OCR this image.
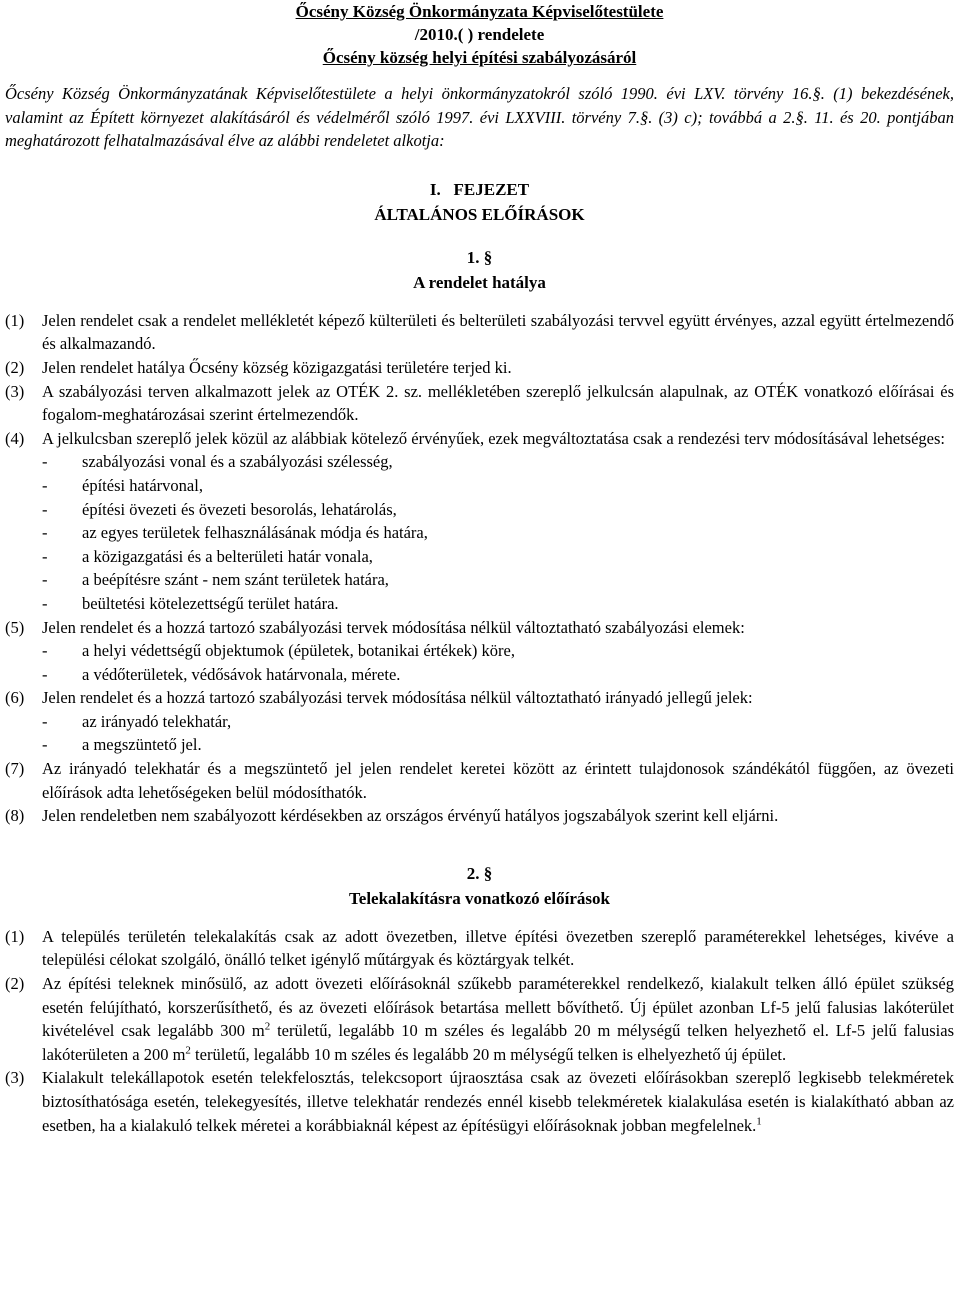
Őcsény Község Önkormányzata Képviselőtestülete
/2010.( ) rendelete
Őcsény község helyi építési szabályozásáról
Őcsény Község Önkormányzatának Képviselőtestülete a helyi önkormányzatokról szóló 1990. évi LXV. törvény 16.§. (1) bekezdésének, valamint az Épített környezet alakításáról és védelméről szóló 1997. évi LXXVIII. törvény 7.§. (3) c); továbbá a 2.§. 11. és 20. pontjában meghatározott felhatalmazásával élve az alábbi rendeletet alkotja:
I.   FEJEZET
ÁLTALÁNOS ELŐÍRÁSOK
1. §
A rendelet hatálya
(1)	Jelen rendelet csak a rendelet mellékletét képező külterületi és belterületi szabályozási tervvel együtt érvényes, azzal együtt értelmezendő és alkalmazandó.

(2)	Jelen rendelet hatálya Őcsény község közigazgatási területére terjed ki.

(3)	A szabályozási terven alkalmazott jelek az OTÉK 2. sz. mellékletében szereplő jelkulcsán alapulnak, az OTÉK vonatkozó előírásai és fogalom-meghatározásai szerint értelmezendők.

(4)	A jelkulcsban szereplő jelek közül az alábbiak kötelező érvényűek, ezek megváltoztatása csak a rendezési terv módosításával lehetséges:

-	szabályozási vonal és a szabályozási szélesség,
-	építési határvonal,
-	építési övezeti és övezeti besorolás, lehatárolás,
-	az egyes területek felhasználásának módja és határa,
-	a közigazgatási és a belterületi határ vonala,
-	a beépítésre szánt - nem szánt területek határa,
-	beültetési kötelezettségű terület határa.
(5)	Jelen rendelet és a hozzá tartozó szabályozási tervek módosítása nélkül változtatható szabályozási elemek:

-	a helyi védettségű objektumok (épületek, botanikai értékek) köre,
-	a védőterületek, védősávok határvonala, mérete.
(6)	Jelen rendelet és a hozzá tartozó szabályozási tervek módosítása nélkül változtatható irányadó jellegű jelek:

-	az irányadó telekhatár,
-	a megszüntető jel.
(7)	Az irányadó telekhatár és a megszüntető jel jelen rendelet keretei között az érintett tulajdonosok szándékától függően, az övezeti előírások adta lehetőségeken belül módosíthatók.

(8)	Jelen rendeletben nem szabályozott kérdésekben az országos érvényű hatályos jogszabályok szerint kell eljárni.

2. §
Telekalakításra vonatkozó előírások
(1)	A település területén telekalakítás csak az adott övezetben, illetve építési övezetben szereplő paraméterekkel lehetséges, kivéve a települési célokat szolgáló, önálló telket igénylő műtárgyak és köztárgyak telkét.

(2)	Az építési teleknek minősülő, az adott övezeti előírásoknál szűkebb paraméterekkel rendelkező, kialakult telken álló épület szükség esetén felújítható, korszerűsíthető, és az övezeti előírások betartása mellett bővíthető. Új épület azonban Lf-5 jelű falusias lakóterület kivételével csak legalább 300 $m^2$ területű, legalább 10 m széles és legalább 20 m mélységű telken helyezhető el. Lf-5 jelű falusias lakóterületen a 200 $m^2$ területű, legalább 10 m széles és legalább 20 m mélységű telken is elhelyezhető új épület.

(3)	Kialakult telekállapotok esetén telekfelosztás, telekcsoport újraosztása csak az övezeti előírásokban szereplő legkisebb telekméretek biztosíthatósága esetén, telekegyesítés, illetve telekhatár rendezés ennél kisebb telekméretek kialakulása esetén is kialakítható abban az esetben, ha a kialakuló telkek méretei a korábbiaknál képest az építésügyi előírásoknak jobban megfelelnek.$^1$
